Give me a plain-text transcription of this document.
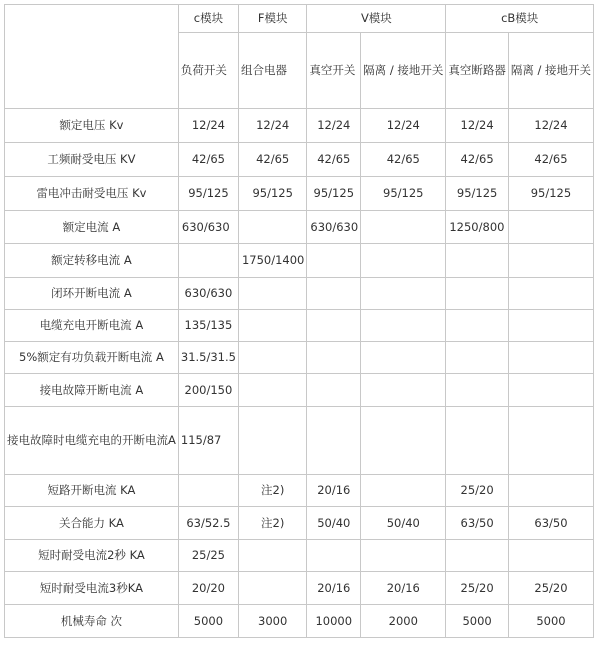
	c模块	F模块	V模块		cB模块	
	负荷开关	组合电器	真空开关	隔离 / 接地开关	真空断路器	隔离 / 接地开关
额定电压 Kv	12/24	12/24	12/24	12/24	12/24	12/24
工频耐受电压 KV	42/65	42/65	42/65	42/65	42/65	42/65
雷电冲击耐受电压 Kv	95/125	95/125	95/125	95/125	95/125	95/125
额定电流 A	630/630		630/630		1250/800	
额定转移电流 A		1750/1400				
闭环开断电流 A	630/630					
电缆充电开断电流 A	135/135					
5%额定有功负载开断电流 A	31.5/31.5					
接电故障开断电流 A	200/150					
接电故障时电缆充电的开断电流A	115/87					
短路开断电流 KA		注2)	20/16		25/20	
关合能力 KA	63/52.5	注2)	50/40	50/40	63/50	63/50
短时耐受电流2秒 KA	25/25					
短时耐受电流3秒KA	20/20		20/16	20/16	25/20	25/20
机械寿命 次	5000	3000	10000	2000	5000	5000
